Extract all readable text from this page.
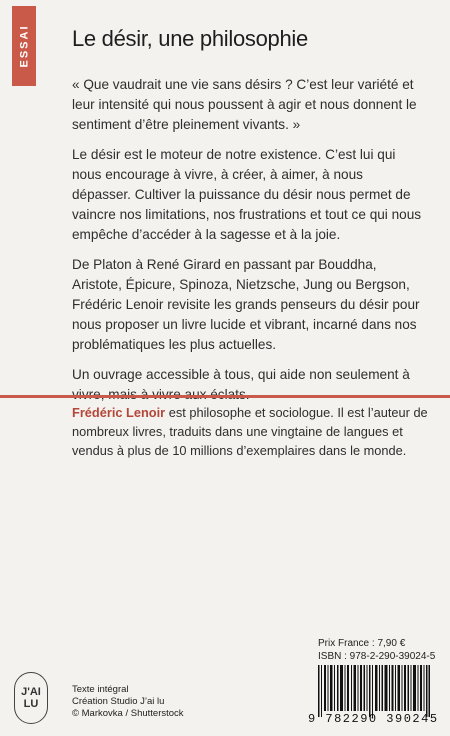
ESSAI Le désir, une philosophie

« Que vaudrait une vie sans désirs ? C’est leur variété et leur intensité qui nous poussent à agir et nous donnent le sentiment d’être pleinement vivants. »

Le désir est le moteur de notre existence. C’est lui qui nous encourage à vivre, à créer, à aimer, à nous dépasser. Cultiver la puissance du désir nous permet de vaincre nos limitations, nos frustrations et tout ce qui nous empêche d’accéder à la sagesse et à la joie.

De Platon à René Girard en passant par Bouddha, Aristote, Épicure, Spinoza, Nietzsche, Jung ou Bergson, Frédéric Lenoir revisite les grands penseurs du désir pour nous proposer un livre lucide et vibrant, incarné dans nos problématiques les plus actuelles.

Un ouvrage accessible à tous, qui aide non seulement à

Frédéric Lenoir est philosophe et sociologue. Il est l’auteur de nombreux livres, traduits dans une vingtaine de langues et vendus à plus de 10 millions d’exemplaires dans le monde.

Prix France : 7,90 €
ISBN : 978-2-290-39024-5
9 782290 390245
J'AI
LU
Texte intégral
Création Studio J’ai lu
© Markovka / Shutterstock
